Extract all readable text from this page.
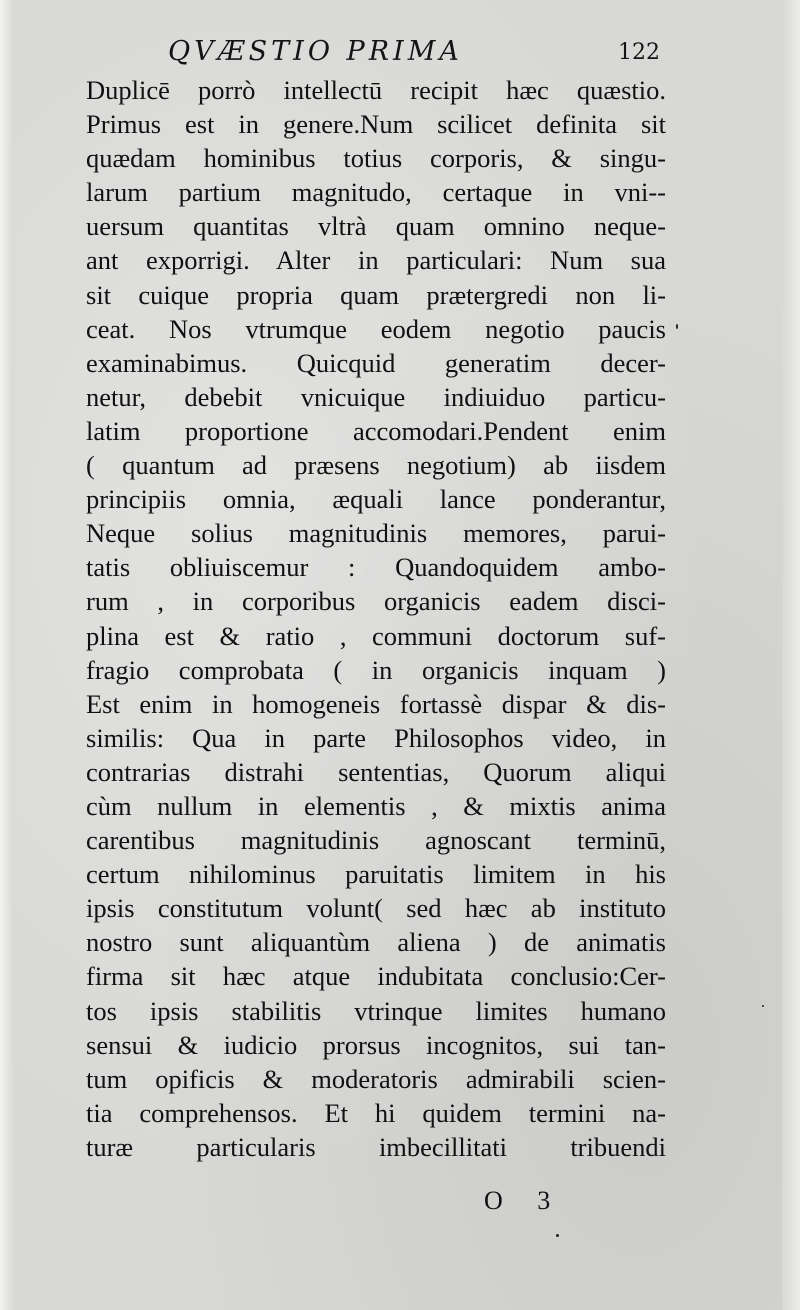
QVÆSTIO PRIMA	122
Duplicē porrò intellectū recipit hæc quæstio.
Primus est in genere.Num scilicet definita sit
quædam hominibus totius corporis, & singu-
larum partium magnitudo, certaque in vni--
uersum quantitas vltrà quam omnino neque-
ant exporrigi. Alter in particulari: Num sua
sit cuique propria quam prætergredi non li-
ceat. Nos vtrumque eodem negotio paucis
examinabimus. Quicquid generatim decer-
netur, debebit vnicuique indiuiduo particu-
latim proportione accomodari.Pendent enim
( quantum ad præsens negotium) ab iisdem
principiis omnia, æquali lance ponderantur,
Neque solius magnitudinis memores, parui-
tatis obliuiscemur : Quandoquidem ambo-
rum , in corporibus organicis eadem disci-
plina est & ratio , communi doctorum suf-
fragio comprobata ( in organicis inquam )
Est enim in homogeneis fortassè dispar & dis-
similis: Qua in parte Philosophos video, in
contrarias distrahi sententias, Quorum aliqui
cùm nullum in elementis , & mixtis anima
carentibus magnitudinis agnoscant terminū,
certum nihilominus paruitatis limitem in his
ipsis constitutum volunt( sed hæc ab instituto
nostro sunt aliquantùm aliena ) de animatis
firma sit hæc atque indubitata conclusio:Cer-
tos ipsis stabilitis vtrinque limites humano
sensui & iudicio prorsus incognitos, sui tan-
tum opificis & moderatoris admirabili scien-
tia comprehensos. Et hi quidem termini na-
turæ particularis imbecillitati tribuendi
O 3
